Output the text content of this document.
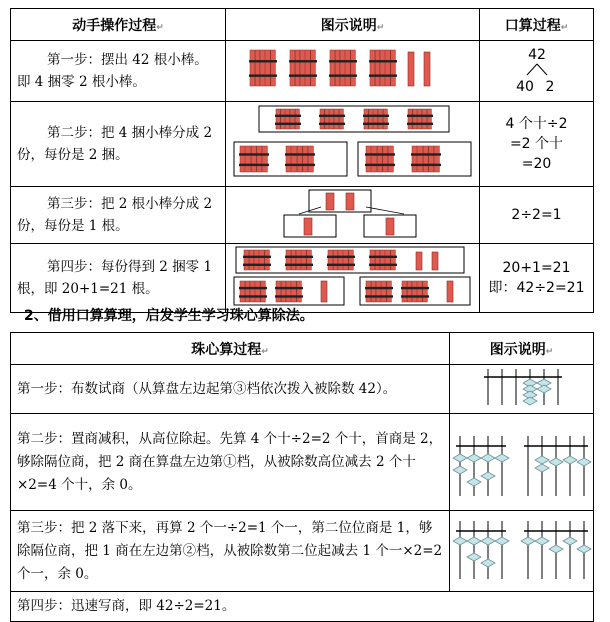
动手操作过程↵	图示说明↵	口算过程↵
第一步：摆出 42 根小棒。即 4 捆零 2 根小棒。		42
40 2

第二步：把 4 捆小棒分成 2 份，每份是 2 捆。		4 个十÷2
=2 个十
=20

第三步：把 2 根小棒分成 2 份，每份是 1 根。		2÷2=1

第四步：每份得到 2 捆零 1 根，即 20+1=21 根。		20+1=21
即：42÷2=21
2、借用口算算理，启发学生学习珠心算除法。
珠心算过程↵	图示说明↵
第一步：布数试商（从算盘左边起第③档依次拨入被除数 42）。	
第二步：置商减积，从高位除起。先算 4 个十÷2=2 个十，首商是 2，够除隔位商，把 2 商在算盘左边第①档，从被除数高位减去 2 个十×2=4 个十，余 0。	

第三步：把 2 落下来，再算 2 个一÷2=1 个一，第二位位商是 1，够除隔位商，把 1 商在左边第②档，从被除数第二位起减去 1 个一×2=2 个一，余 0。	
第四步：迅速写商，即 42÷2=21。	
